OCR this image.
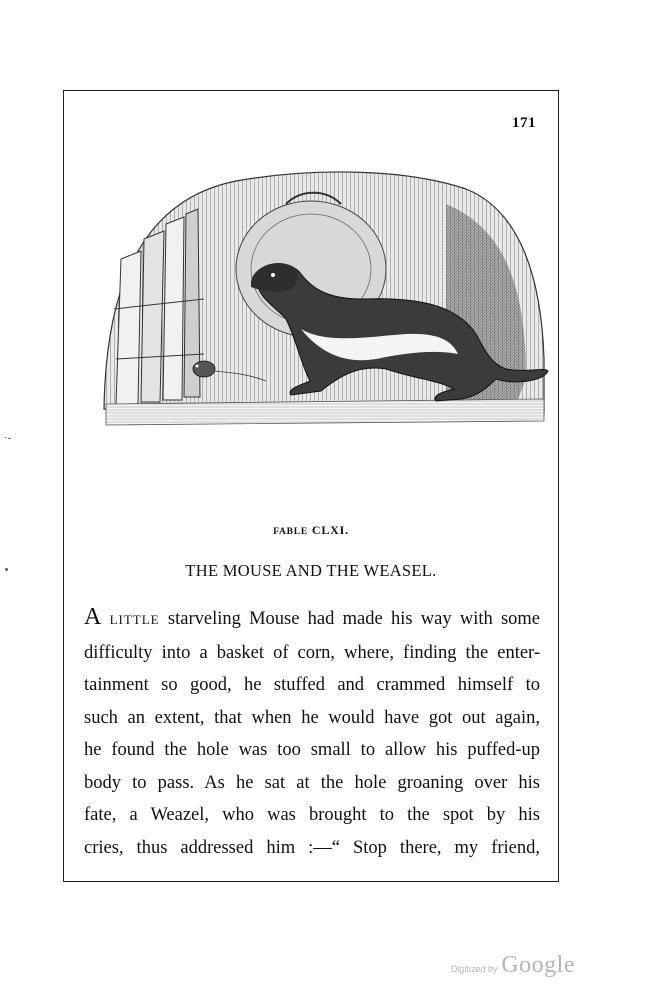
171
FABLE CLXI.
THE MOUSE AND THE WEASEL.
A LITTLE starveling Mouse had made his way with some
difficulty into a basket of corn, where, finding the enter-
tainment so good, he stuffed and crammed himself to
such an extent, that when he would have got out again,
he found the hole was too small to allow his puffed-up
body to pass. As he sat at the hole groaning over his
fate, a Weazel, who was brought to the spot by his
cries, thus addressed him :—“ Stop there, my friend,
·-
Digitized by Google
